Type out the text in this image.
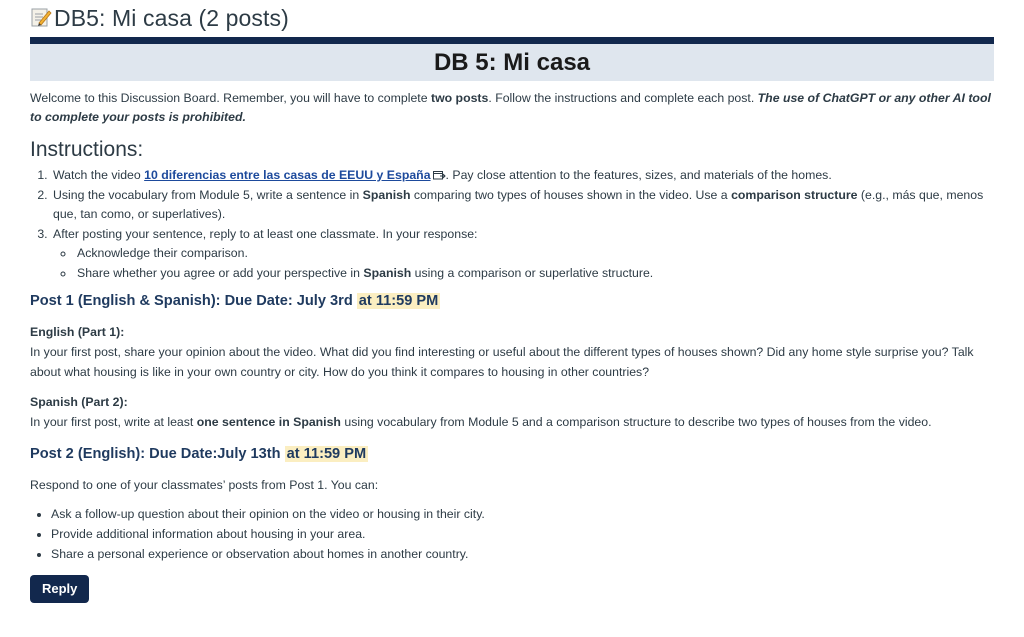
DB5: Mi casa (2 posts)
DB 5: Mi casa

Welcome to this Discussion Board. Remember, you will have to complete two posts. Follow the instructions and complete each post. The use of ChatGPT or any other AI tool to complete your posts is prohibited.

Instructions:
1. Watch the video 10 diferencias entre las casas de EEUU y España . Pay close attention to the features, sizes, and materials of the homes.
2. Using the vocabulary from Module 5, write a sentence in Spanish comparing two types of houses shown in the video. Use a comparison structure (e.g., más que, menos que, tan como, or superlatives).
3. After posting your sentence, reply to at least one classmate. In your response:
◦ Acknowledge their comparison.
◦ Share whether you agree or add your perspective in Spanish using a comparison or superlative structure.
Post 1 (English & Spanish): Due Date: July 3rd at 11:59 PM

English (Part 1):

In your first post, share your opinion about the video. What did you find interesting or useful about the different types of houses shown? Did any home style surprise you? Talk about what housing is like in your own country or city. How do you think it compares to housing in other countries?

Spanish (Part 2):

In your first post, write at least one sentence in Spanish using vocabulary from Module 5 and a comparison structure to describe two types of houses from the video.

Post 2 (English): Due Date:July 13th at 11:59 PM

Respond to one of your classmates’ posts from Post 1. You can:

• Ask a follow-up question about their opinion on the video or housing in their city.
• Provide additional information about housing in your area.
• Share a personal experience or observation about homes in another country.
Reply
